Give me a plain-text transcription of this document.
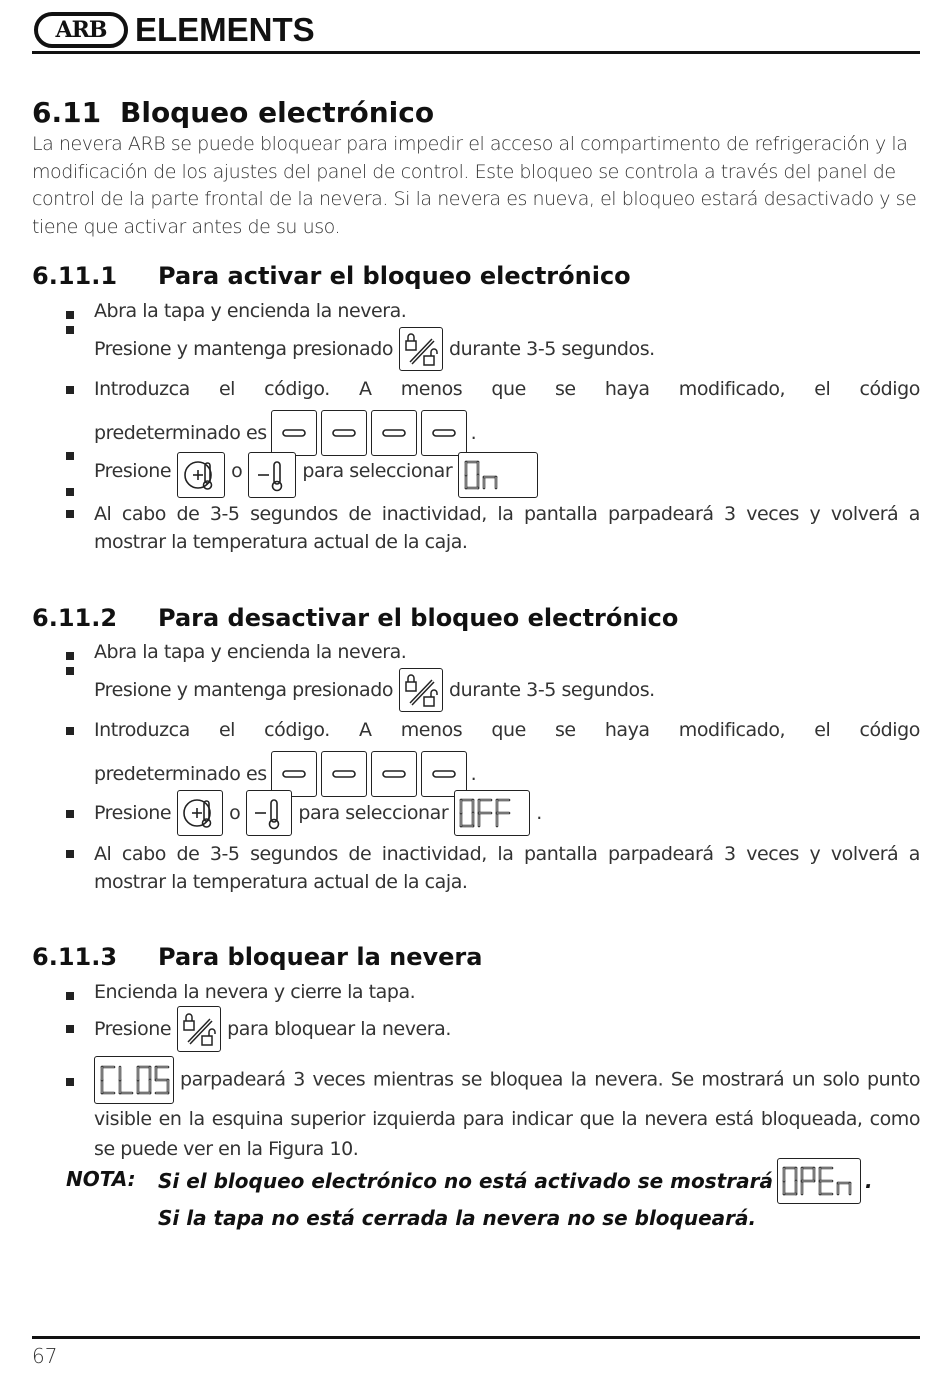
ARB ELEMENTS
6.11 Bloqueo electrónico
La nevera ARB se puede bloquear para impedir el acceso al compartimento de refrigeración y la modificación de los ajustes del panel de control. Este bloqueo se controla a través del panel de control de la parte frontal de la nevera. Si la nevera es nueva, el bloqueo estará desactivado y se tiene que activar antes de su uso.
6.11.1 Para activar el bloqueo electrónico
Abra la tapa y encienda la nevera.
Presione y mantenga presionado	durante 3-5 segundos.
Introduzca el código. A menos que se haya modificado, el código
predeterminado es	.
Presione	o	para seleccionar
Al cabo de 3-5 segundos de inactividad, la pantalla parpadeará 3 veces y volverá a mostrar la temperatura actual de la caja.
6.11.2 Para desactivar el bloqueo electrónico
Abra la tapa y encienda la nevera.
Presione y mantenga presionado	durante 3-5 segundos.
Introduzca el código. A menos que se haya modificado, el código
predeterminado es	.
Presione	o	para seleccionar	.
Al cabo de 3-5 segundos de inactividad, la pantalla parpadeará 3 veces y volverá a mostrar la temperatura actual de la caja.
6.11.3 Para bloquear la nevera
Encienda la nevera y cierre la tapa.
Presione	para bloquear la nevera.
parpadeará 3 veces mientras se bloquea la nevera. Se mostrará un solo punto visible en la esquina superior izquierda para indicar que la nevera está bloqueada, como se puede ver en la Figura 10.
NOTA: Si el bloqueo electrónico no está activado se mostrará	.
Si la tapa no está cerrada la nevera no se bloqueará.
67
